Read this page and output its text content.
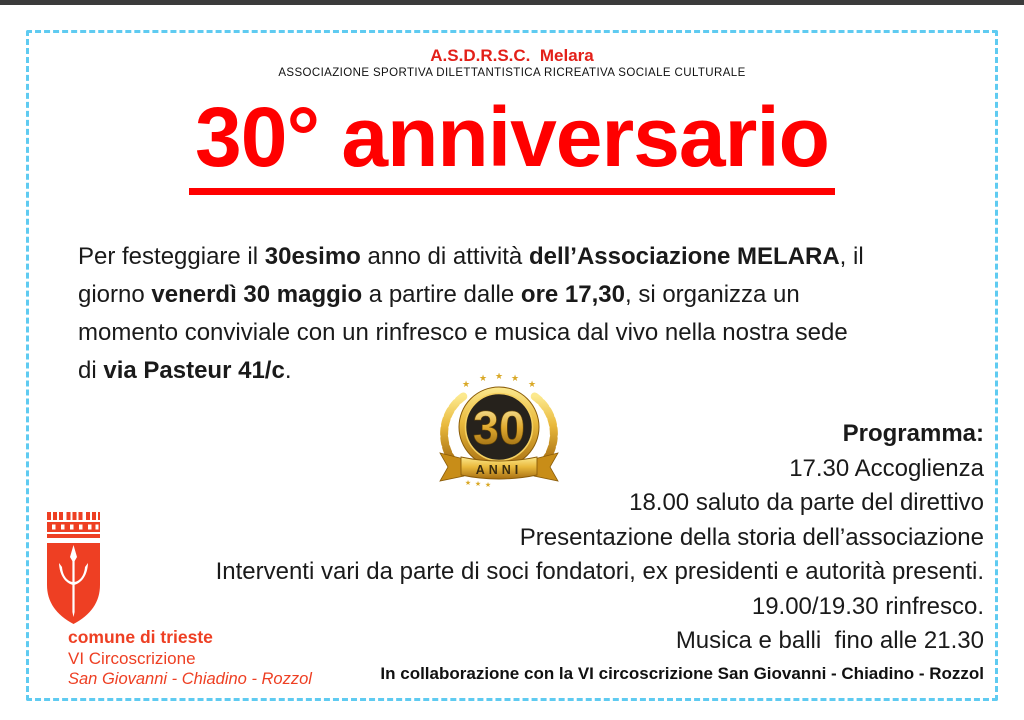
A.S.D.R.S.C.  Melara
ASSOCIAZIONE SPORTIVA DILETTANTISTICA RICREATIVA SOCIALE CULTURALE
30° anniversario
Per festeggiare il 30esimo anno di attività dell’Associazione MELARA, il
giorno venerdì 30 maggio a partire dalle ore 17,30, si organizza un
momento conviviale con un rinfresco e musica dal vivo nella nostra sede
di via Pasteur 41/c.
★
★ ★ ★
★
30
ANNI
★ ★ ★
Programma:
17.30 Accoglienza
18.00 saluto da parte del direttivo
Presentazione della storia dell’associazione
Interventi vari da parte di soci fondatori, ex presidenti e autorità presenti.
19.00/19.30 rinfresco.
Musica e balli  fino alle 21.30
comune di trieste
VI Circoscrizione
San Giovanni - Chiadino - Rozzol	In collaborazione con la VI circoscrizione San Giovanni - Chiadino - Rozzol
